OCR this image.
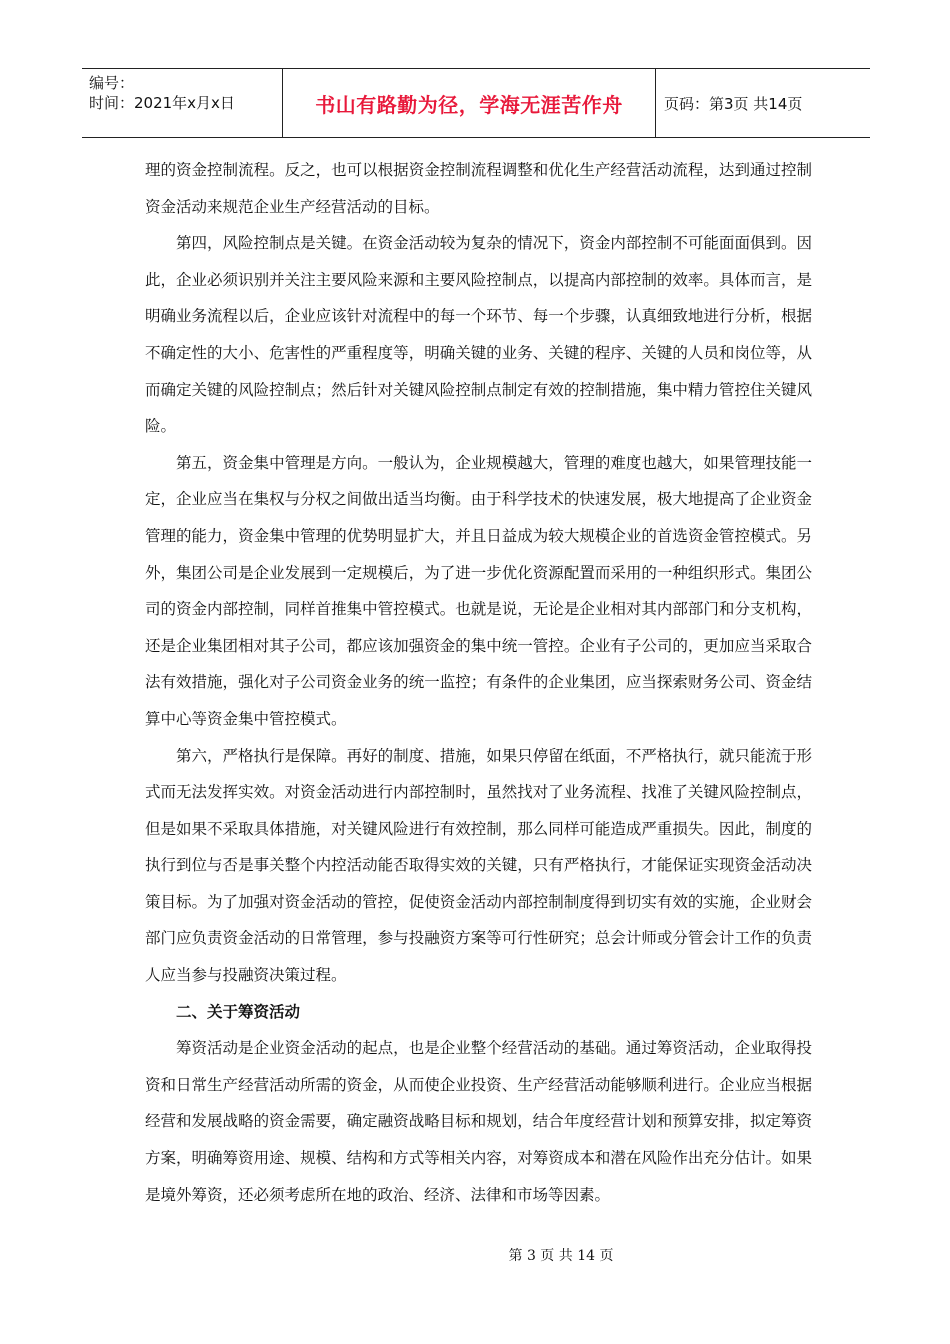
编号：
时间：2021年x月x日	书山有路勤为径，学海无涯苦作舟	页码：第3页 共14页

理的资金控制流程。反之，也可以根据资金控制流程调整和优化生产经营活动流程，达到通过控制资金活动来规范企业生产经营活动的目标。

第四，风险控制点是关键。在资金活动较为复杂的情况下，资金内部控制不可能面面俱到。因此，企业必须识别并关注主要风险来源和主要风险控制点，以提高内部控制的效率。具体而言，是明确业务流程以后，企业应该针对流程中的每一个环节、每一个步骤，认真细致地进行分析，根据不确定性的大小、危害性的严重程度等，明确关键的业务、关键的程序、关键的人员和岗位等，从而确定关键的风险控制点；然后针对关键风险控制点制定有效的控制措施，集中精力管控住关键风险。

第五，资金集中管理是方向。一般认为，企业规模越大，管理的难度也越大，如果管理技能一定，企业应当在集权与分权之间做出适当均衡。由于科学技术的快速发展，极大地提高了企业资金管理的能力，资金集中管理的优势明显扩大，并且日益成为较大规模企业的首选资金管控模式。另外，集团公司是企业发展到一定规模后，为了进一步优化资源配置而采用的一种组织形式。集团公司的资金内部控制，同样首推集中管控模式。也就是说，无论是企业相对其内部部门和分支机构，还是企业集团相对其子公司，都应该加强资金的集中统一管控。企业有子公司的，更加应当采取合法有效措施，强化对子公司资金业务的统一监控；有条件的企业集团，应当探索财务公司、资金结算中心等资金集中管控模式。

第六，严格执行是保障。再好的制度、措施，如果只停留在纸面，不严格执行，就只能流于形式而无法发挥实效。对资金活动进行内部控制时，虽然找对了业务流程、找准了关键风险控制点，但是如果不采取具体措施，对关键风险进行有效控制，那么同样可能造成严重损失。因此，制度的执行到位与否是事关整个内控活动能否取得实效的关键，只有严格执行，才能保证实现资金活动决策目标。为了加强对资金活动的管控，促使资金活动内部控制制度得到切实有效的实施，企业财会部门应负责资金活动的日常管理，参与投融资方案等可行性研究；总会计师或分管会计工作的负责人应当参与投融资决策过程。

二、关于筹资活动

筹资活动是企业资金活动的起点，也是企业整个经营活动的基础。通过筹资活动，企业取得投资和日常生产经营活动所需的资金，从而使企业投资、生产经营活动能够顺利进行。企业应当根据经营和发展战略的资金需要，确定融资战略目标和规划，结合年度经营计划和预算安排，拟定筹资方案，明确筹资用途、规模、结构和方式等相关内容，对筹资成本和潜在风险作出充分估计。如果是境外筹资，还必须考虑所在地的政治、经济、法律和市场等因素。

第 3 页 共 14 页
